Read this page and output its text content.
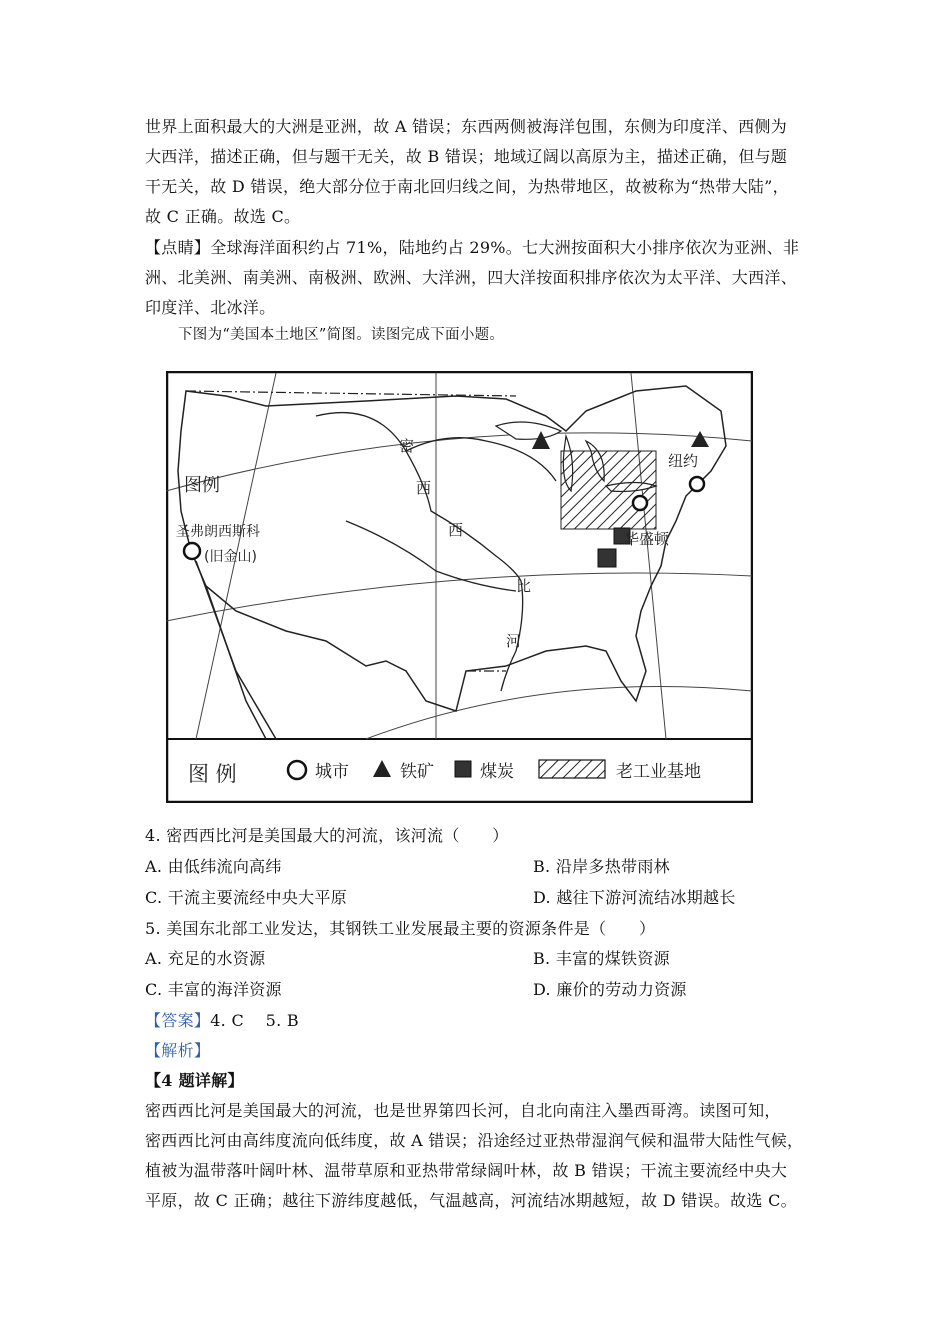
世界上面积最大的大洲是亚洲，故 A 错误；东西两侧被海洋包围，东侧为印度洋、西侧为
大西洋，描述正确，但与题干无关，故 B 错误；地域辽阔以高原为主，描述正确，但与题
干无关，故 D 错误，绝大部分位于南北回归线之间，为热带地区，故被称为“热带大陆”，
故 C 正确。故选 C。
【点睛】全球海洋面积约占 71%，陆地约占 29%。七大洲按面积大小排序依次为亚洲、非
洲、北美洲、南美洲、南极洲、欧洲、大洋洲，四大洋按面积排序依次为太平洋、大西洋、
印度洋、北冰洋。
下图为“美国本土地区”简图。读图完成下面小题。
图例
圣弗朗西斯科
(旧金山)
纽约
华盛顿
密
西
西
比
河
图 例	城市	铁矿	煤炭	老工业基地
4. 密西西比河是美国最大的河流，该河流（　　）
A. 由低纬流向高纬	B. 沿岸多热带雨林
C. 干流主要流经中央大平原	D. 越往下游河流结冰期越长
5. 美国东北部工业发达，其钢铁工业发展最主要的资源条件是（　　）
A. 充足的水资源	B. 丰富的煤铁资源
C. 丰富的海洋资源	D. 廉价的劳动力资源
【答案】4. C　 5. B
【解析】
【4 题详解】
密西西比河是美国最大的河流，也是世界第四长河，自北向南注入墨西哥湾。读图可知，
密西西比河由高纬度流向低纬度，故 A 错误；沿途经过亚热带湿润气候和温带大陆性气候，
植被为温带落叶阔叶林、温带草原和亚热带常绿阔叶林，故 B 错误；干流主要流经中央大
平原，故 C 正确；越往下游纬度越低，气温越高，河流结冰期越短，故 D 错误。故选 C。
